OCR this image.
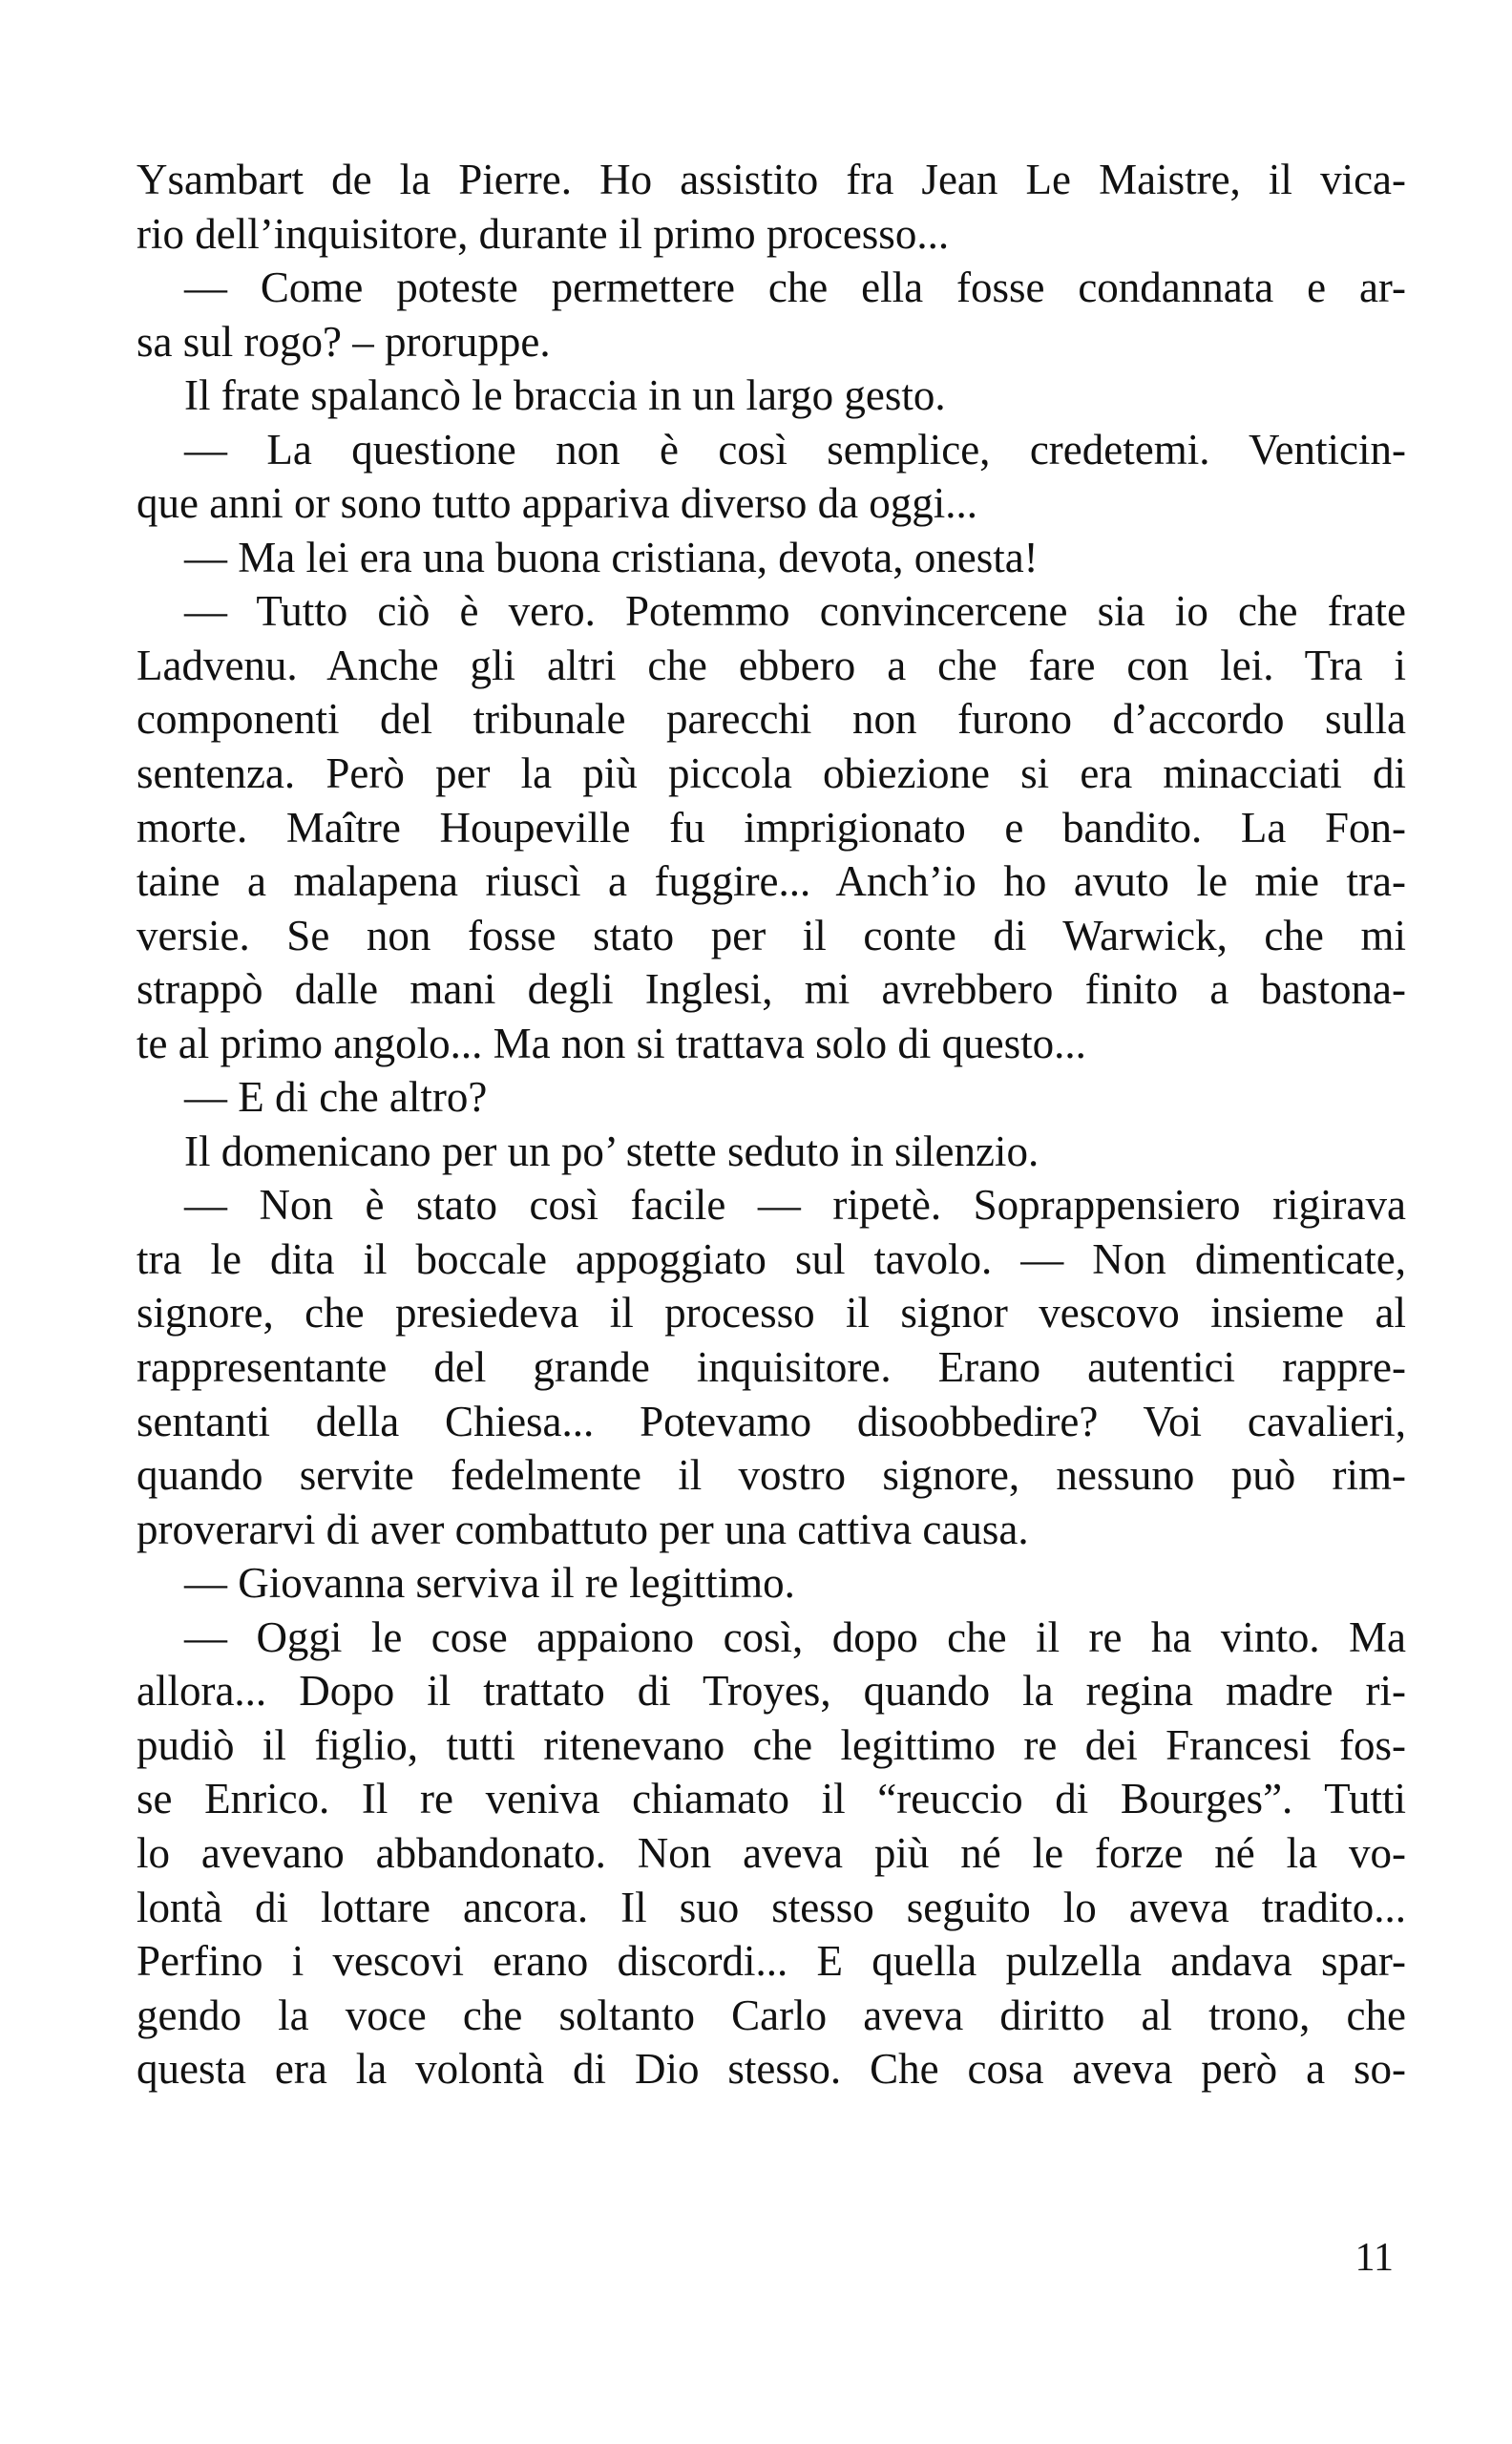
Ysambart de la Pierre. Ho assistito fra Jean Le Maistre, il vica-
rio dell’inquisitore, durante il primo processo...
— Come poteste permettere che ella fosse condannata e ar-
sa sul rogo? – proruppe.
Il frate spalancò le braccia in un largo gesto.
— La questione non è così semplice, credetemi. Venticin-
que anni or sono tutto appariva diverso da oggi...
— Ma lei era una buona cristiana, devota, onesta!
— Tutto ciò è vero. Potemmo convincercene sia io che frate
Ladvenu. Anche gli altri che ebbero a che fare con lei. Tra i
componenti del tribunale parecchi non furono d’accordo sulla
sentenza. Però per la più piccola obiezione si era minacciati di
morte. Maître Houpeville fu imprigionato e bandito. La Fon-
taine a malapena riuscì a fuggire... Anch’io ho avuto le mie tra-
versie. Se non fosse stato per il conte di Warwick, che mi
strappò dalle mani degli Inglesi, mi avrebbero finito a bastona-
te al primo angolo... Ma non si trattava solo di questo...
— E di che altro?
Il domenicano per un po’ stette seduto in silenzio.
— Non è stato così facile — ripetè. Soprappensiero rigirava
tra le dita il boccale appoggiato sul tavolo. — Non dimenticate,
signore, che presiedeva il processo il signor vescovo insieme al
rappresentante del grande inquisitore. Erano autentici rappre-
sentanti della Chiesa... Potevamo disoobbedire? Voi cavalieri,
quando servite fedelmente il vostro signore, nessuno può rim-
proverarvi di aver combattuto per una cattiva causa.
— Giovanna serviva il re legittimo.
— Oggi le cose appaiono così, dopo che il re ha vinto. Ma
allora... Dopo il trattato di Troyes, quando la regina madre ri-
pudiò il figlio, tutti ritenevano che legittimo re dei Francesi fos-
se Enrico. Il re veniva chiamato il “reuccio di Bourges”. Tutti
lo avevano abbandonato. Non aveva più né le forze né la vo-
lontà di lottare ancora. Il suo stesso seguito lo aveva tradito...
Perfino i vescovi erano discordi... E quella pulzella andava spar-
gendo la voce che soltanto Carlo aveva diritto al trono, che
questa era la volontà di Dio stesso. Che cosa aveva però a so-
11
